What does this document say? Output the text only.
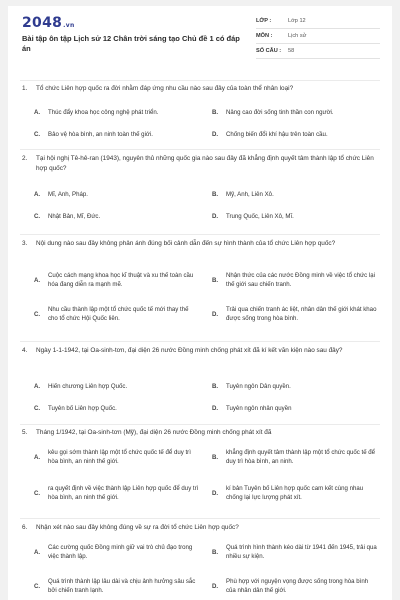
2048.vn
Bài tập ôn tập Lịch sử 12 Chân trời sáng tạo Chủ đề 1 có đáp án
LỚP :	Lớp 12
MÔN :	Lịch sử
SỐ CÂU :	58
1.	Tổ chức Liên hợp quốc ra đời nhằm đáp ứng nhu cầu nào sau đây của toàn thể nhân loại?
A. Thúc đẩy khoa học công nghệ phát triển.	B. Nâng cao đời sống tinh thần con người.
C. Bảo vệ hòa bình, an ninh toàn thế giới.	D. Chống biến đổi khí hậu trên toàn cầu.
2.	Tại hội nghị Tê-hê-ran (1943), nguyên thủ những quốc gia nào sau đây đã khẳng định quyết tâm thành lập tổ chức Liên hợp quốc?
A. Mĩ, Anh, Pháp.	B. Mỹ, Anh, Liên Xô.
C. Nhật Bản, Mĩ, Đức.	D. Trung Quốc, Liên Xô, Mĩ.
3.	Nội dung nào sau đây không phản ánh đúng bối cảnh dẫn đến sự hình thành của tổ chức Liên hợp quốc?
A.
Cuộc cách mạng khoa học kĩ thuật và xu thế toàn cầu hóa đang diễn ra mạnh mẽ.
B.
Nhận thức của các nước Đồng minh về việc tổ chức lại thế giới sau chiến tranh.
C.
Nhu cầu thành lập một tổ chức quốc tế mới thay thế cho tổ chức Hội Quốc liên.
D.
Trải qua chiến tranh ác liệt, nhân dân thế giới khát khao được sống trong hòa bình.
4.	Ngày 1-1-1942, tại Oa-sinh-tơn, đại diện 26 nước Đồng minh chống phát xít đã kí kết văn kiện nào sau đây?
A. Hiến chương Liên hợp Quốc.	B. Tuyên ngôn Dân quyền.
C. Tuyên bố Liên hợp Quốc.	D. Tuyên ngôn nhân quyền
5.	Tháng 1/1942, tại Oa-sinh-tơn (Mỹ), đại diện 26 nước Đồng minh chống phát xít đã
A.
kêu gọi sớm thành lập một tổ chức quốc tế để duy trì hòa bình, an ninh thế giới.
B.
khẳng định quyết tâm thành lập một tổ chức quốc tế để duy trì hòa bình, an ninh.
C.
ra quyết định về việc thành lập Liên hợp quốc để duy trì hòa bình, an ninh thế giới.
D.
kí bản Tuyên bố Liên hợp quốc cam kết cùng nhau chống lại lực lượng phát xít.
6.	Nhận xét nào sau đây không đúng về sự ra đời tổ chức Liên hợp quốc?
A.
Các cường quốc Đồng minh giữ vai trò chủ đạo trong việc thành lập.
B.
Quá trình hình thành kéo dài từ 1941 đến 1945, trải qua nhiều sự kiện.
C.
Quá trình thành lập lâu dài và chịu ảnh hưởng sâu sắc bởi chiến tranh lạnh.
D.
Phù hợp với nguyện vọng được sống trong hòa bình của nhân dân thế giới.
